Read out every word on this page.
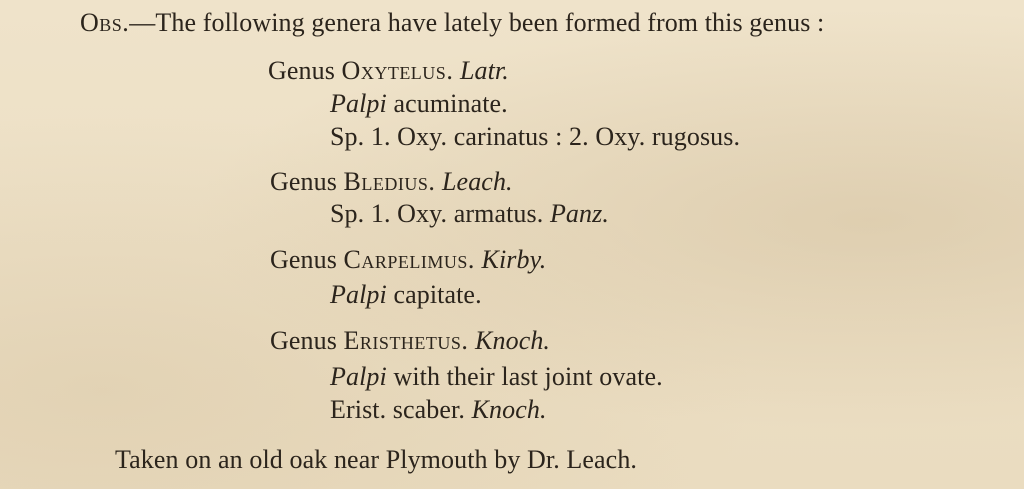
Obs.—The following genera have lately been formed from this genus :
Genus Oxytelus. Latr.
Palpi acuminate.
Sp. 1. Oxy. carinatus : 2. Oxy. rugosus.
Genus Bledius. Leach.
Sp. 1. Oxy. armatus. Panz.
Genus Carpelimus. Kirby.
Palpi capitate.
Genus Eristhetus. Knoch.
Palpi with their last joint ovate.
Erist. scaber. Knoch.
Taken on an old oak near Plymouth by Dr. Leach.
